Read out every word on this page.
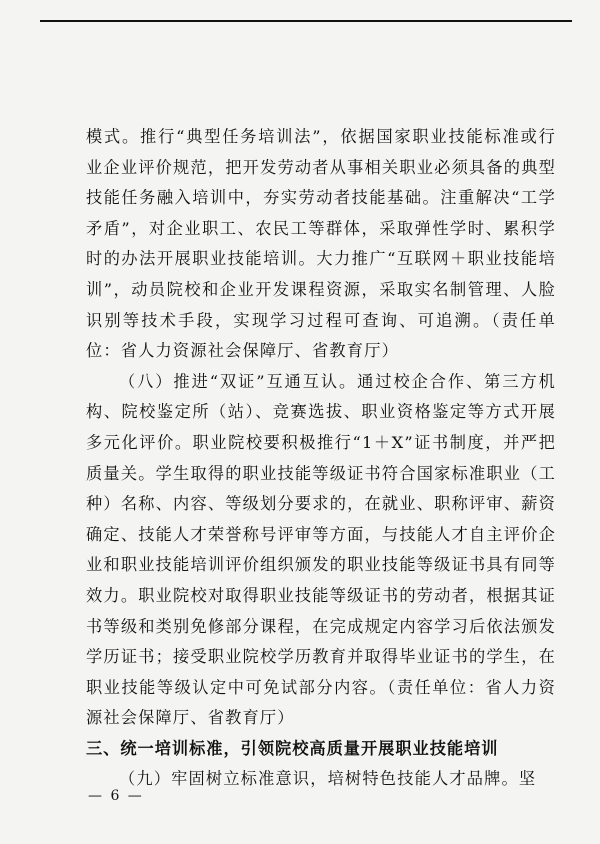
模式。推行“典型任务培训法”，依据国家职业技能标准或行业企业评价规范，把开发劳动者从事相关职业必须具备的典型技能任务融入培训中，夯实劳动者技能基础。注重解决“工学矛盾”，对企业职工、农民工等群体，采取弹性学时、累积学时的办法开展职业技能培训。大力推广“互联网＋职业技能培训”，动员院校和企业开发课程资源，采取实名制管理、人脸识别等技术手段，实现学习过程可查询、可追溯。（责任单位：省人力资源社会保障厅、省教育厅）

（八）推进“双证”互通互认。通过校企合作、第三方机构、院校鉴定所（站）、竞赛选拔、职业资格鉴定等方式开展多元化评价。职业院校要积极推行“1＋X”证书制度，并严把质量关。学生取得的职业技能等级证书符合国家标准职业（工种）名称、内容、等级划分要求的，在就业、职称评审、薪资确定、技能人才荣誉称号评审等方面，与技能人才自主评价企业和职业技能培训评价组织颁发的职业技能等级证书具有同等效力。职业院校对取得职业技能等级证书的劳动者，根据其证书等级和类别免修部分课程，在完成规定内容学习后依法颁发学历证书；接受职业院校学历教育并取得毕业证书的学生，在职业技能等级认定中可免试部分内容。（责任单位：省人力资源社会保障厅、省教育厅）

三、统一培训标准，引领院校高质量开展职业技能培训

（九）牢固树立标准意识，培树特色技能人才品牌。坚

— 6 —
